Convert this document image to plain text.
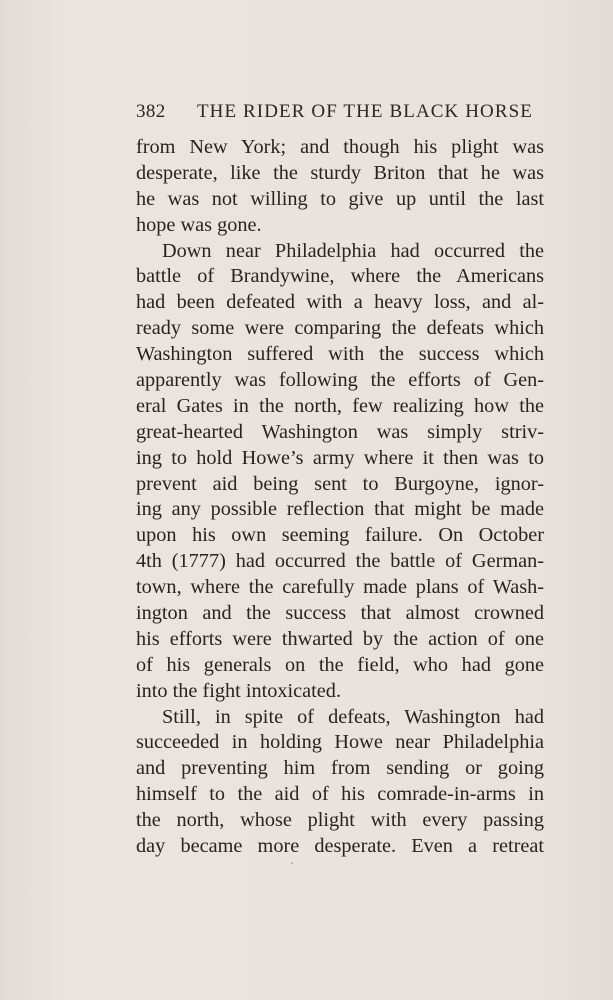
382 THE RIDER OF THE BLACK HORSE
from New York; and though his plight was
desperate, like the sturdy Briton that he was
he was not willing to give up until the last
hope was gone.
Down near Philadelphia had occurred the
battle of Brandywine, where the Americans
had been defeated with a heavy loss, and al-
ready some were comparing the defeats which
Washington suffered with the success which
apparently was following the efforts of Gen-
eral Gates in the north, few realizing how the
great-hearted Washington was simply striv-
ing to hold Howe’s army where it then was to
prevent aid being sent to Burgoyne, ignor-
ing any possible reflection that might be made
upon his own seeming failure. On October
4th (1777) had occurred the battle of German-
town, where the carefully made plans of Wash-
ington and the success that almost crowned
his efforts were thwarted by the action of one
of his generals on the field, who had gone
into the fight intoxicated.
Still, in spite of defeats, Washington had
succeeded in holding Howe near Philadelphia
and preventing him from sending or going
himself to the aid of his comrade-in-arms in
the north, whose plight with every passing
day became more desperate. Even a retreat
